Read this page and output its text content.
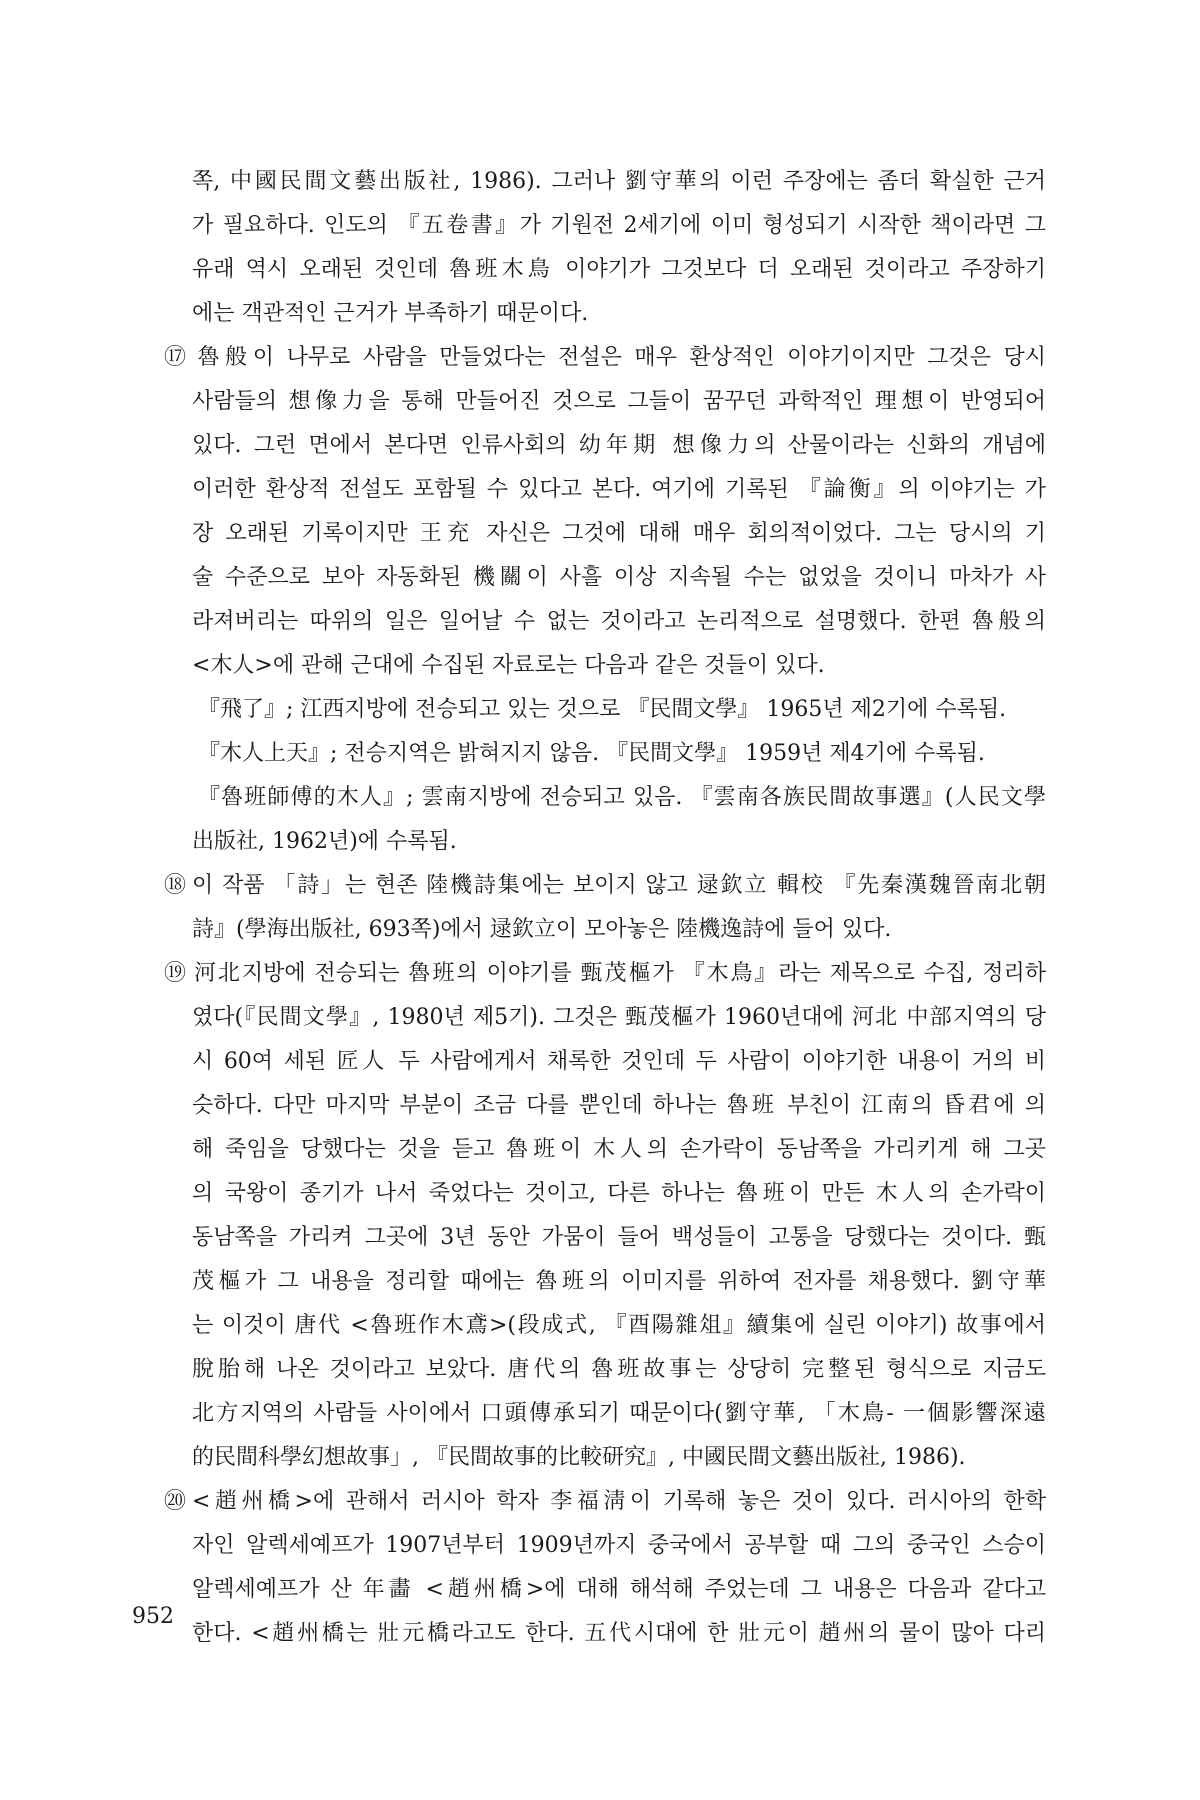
쪽, 中國民間文藝出版社, 1986). 그러나 劉守華의 이런 주장에는 좀더 확실한 근거
가 필요하다. 인도의 『五卷書』가 기원전 2세기에 이미 형성되기 시작한 책이라면 그
유래 역시 오래된 것인데 魯班木鳥 이야기가 그것보다 더 오래된 것이라고 주장하기
에는 객관적인 근거가 부족하기 때문이다.
⑰ 魯般이 나무로 사람을 만들었다는 전설은 매우 환상적인 이야기이지만 그것은 당시
사람들의 想像力을 통해 만들어진 것으로 그들이 꿈꾸던 과학적인 理想이 반영되어
있다. 그런 면에서 본다면 인류사회의 幼年期 想像力의 산물이라는 신화의 개념에
이러한 환상적 전설도 포함될 수 있다고 본다. 여기에 기록된 『論衡』의 이야기는 가
장 오래된 기록이지만 王充 자신은 그것에 대해 매우 회의적이었다. 그는 당시의 기
술 수준으로 보아 자동화된 機關이 사흘 이상 지속될 수는 없었을 것이니 마차가 사
라져버리는 따위의 일은 일어날 수 없는 것이라고 논리적으로 설명했다. 한편 魯般의
<木人>에 관해 근대에 수집된 자료로는 다음과 같은 것들이 있다.
『飛了』; 江西지방에 전승되고 있는 것으로 『民間文學』 1965년 제2기에 수록됨.
『木人上天』; 전승지역은 밝혀지지 않음. 『民間文學』 1959년 제4기에 수록됨.
『魯班師傅的木人』; 雲南지방에 전승되고 있음. 『雲南各族民間故事選』(人民文學
出版社, 1962년)에 수록됨.
⑱ 이 작품 「詩」는 현존 陸機詩集에는 보이지 않고 逯欽立 輯校 『先秦漢魏晉南北朝
詩』(學海出版社, 693쪽)에서 逯欽立이 모아놓은 陸機逸詩에 들어 있다.
⑲ 河北지방에 전승되는 魯班의 이야기를 甄茂樞가 『木鳥』라는 제목으로 수집, 정리하
였다(『民間文學』, 1980년 제5기). 그것은 甄茂樞가 1960년대에 河北 中部지역의 당
시 60여 세된 匠人 두 사람에게서 채록한 것인데 두 사람이 이야기한 내용이 거의 비
슷하다. 다만 마지막 부분이 조금 다를 뿐인데 하나는 魯班 부친이 江南의 昏君에 의
해 죽임을 당했다는 것을 듣고 魯班이 木人의 손가락이 동남쪽을 가리키게 해 그곳
의 국왕이 종기가 나서 죽었다는 것이고, 다른 하나는 魯班이 만든 木人의 손가락이
동남쪽을 가리켜 그곳에 3년 동안 가뭄이 들어 백성들이 고통을 당했다는 것이다. 甄
茂樞가 그 내용을 정리할 때에는 魯班의 이미지를 위하여 전자를 채용했다. 劉守華
는 이것이 唐代 <魯班作木鳶>(段成式, 『酉陽雜俎』續集에 실린 이야기) 故事에서
脫胎해 나온 것이라고 보았다. 唐代의 魯班故事는 상당히 完整된 형식으로 지금도
北方지역의 사람들 사이에서 口頭傳承되기 때문이다(劉守華, 「木鳥- 一個影響深遠
的民間科學幻想故事」, 『民間故事的比較研究』, 中國民間文藝出版社, 1986).
⑳ <趙州橋>에 관해서 러시아 학자 李福淸이 기록해 놓은 것이 있다. 러시아의 한학
자인 알렉세예프가 1907년부터 1909년까지 중국에서 공부할 때 그의 중국인 스승이
알렉세예프가 산 年畵 <趙州橋>에 대해 해석해 주었는데 그 내용은 다음과 같다고
한다. <趙州橋는 壯元橋라고도 한다. 五代시대에 한 壯元이 趙州의 물이 많아 다리
952
